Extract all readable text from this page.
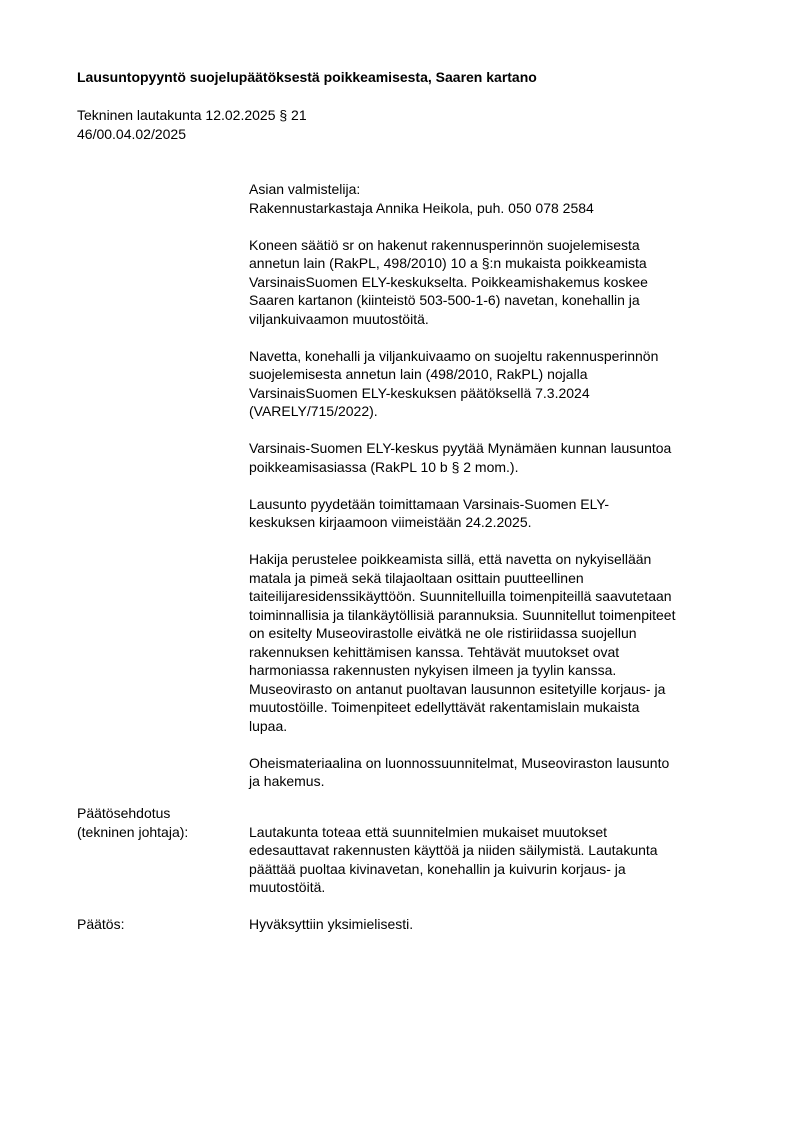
Lausuntopyyntö suojelupäätöksestä poikkeamisesta, Saaren kartano
Tekninen lautakunta 12.02.2025 § 21
46/00.04.02/2025
Asian valmistelija:
Rakennustarkastaja Annika Heikola, puh. 050 078 2584
Koneen säätiö sr on hakenut rakennusperinnön suojelemisesta
annetun lain (RakPL, 498/2010) 10 a §:n mukaista poikkeamista
VarsinaisSuomen ELY-keskukselta. Poikkeamishakemus koskee
Saaren kartanon (kiinteistö 503-500-1-6) navetan, konehallin ja
viljankuivaamon muutostöitä.
Navetta, konehalli ja viljankuivaamo on suojeltu rakennusperinnön
suojelemisesta annetun lain (498/2010, RakPL) nojalla
VarsinaisSuomen ELY-keskuksen päätöksellä 7.3.2024
(VARELY/715/2022).
Varsinais-Suomen ELY-keskus pyytää Mynämäen kunnan lausuntoa
poikkeamisasiassa (RakPL 10 b § 2 mom.).
Lausunto pyydetään toimittamaan Varsinais-Suomen ELY-
keskuksen kirjaamoon viimeistään 24.2.2025.
Hakija perustelee poikkeamista sillä, että navetta on nykyisellään
matala ja pimeä sekä tilajaoltaan osittain puutteellinen
taiteilijaresidenssikäyttöön. Suunnitelluilla toimenpiteillä saavutetaan
toiminnallisia ja tilankäytöllisiä parannuksia. Suunnitellut toimenpiteet
on esitelty Museovirastolle eivätkä ne ole ristiriidassa suojellun
rakennuksen kehittämisen kanssa. Tehtävät muutokset ovat
harmoniassa rakennusten nykyisen ilmeen ja tyylin kanssa.
Museovirasto on antanut puoltavan lausunnon esitetyille korjaus- ja
muutostöille. Toimenpiteet edellyttävät rakentamislain mukaista
lupaa.
Oheismateriaalina on luonnossuunnitelmat, Museoviraston lausunto
ja hakemus.
Päätösehdotus
(tekninen johtaja):	Lautakunta toteaa että suunnitelmien mukaiset muutokset
edesauttavat rakennusten käyttöä ja niiden säilymistä. Lautakunta
päättää puoltaa kivinavetan, konehallin ja kuivurin korjaus- ja
muutostöitä.
Päätös:	Hyväksyttiin yksimielisesti.
